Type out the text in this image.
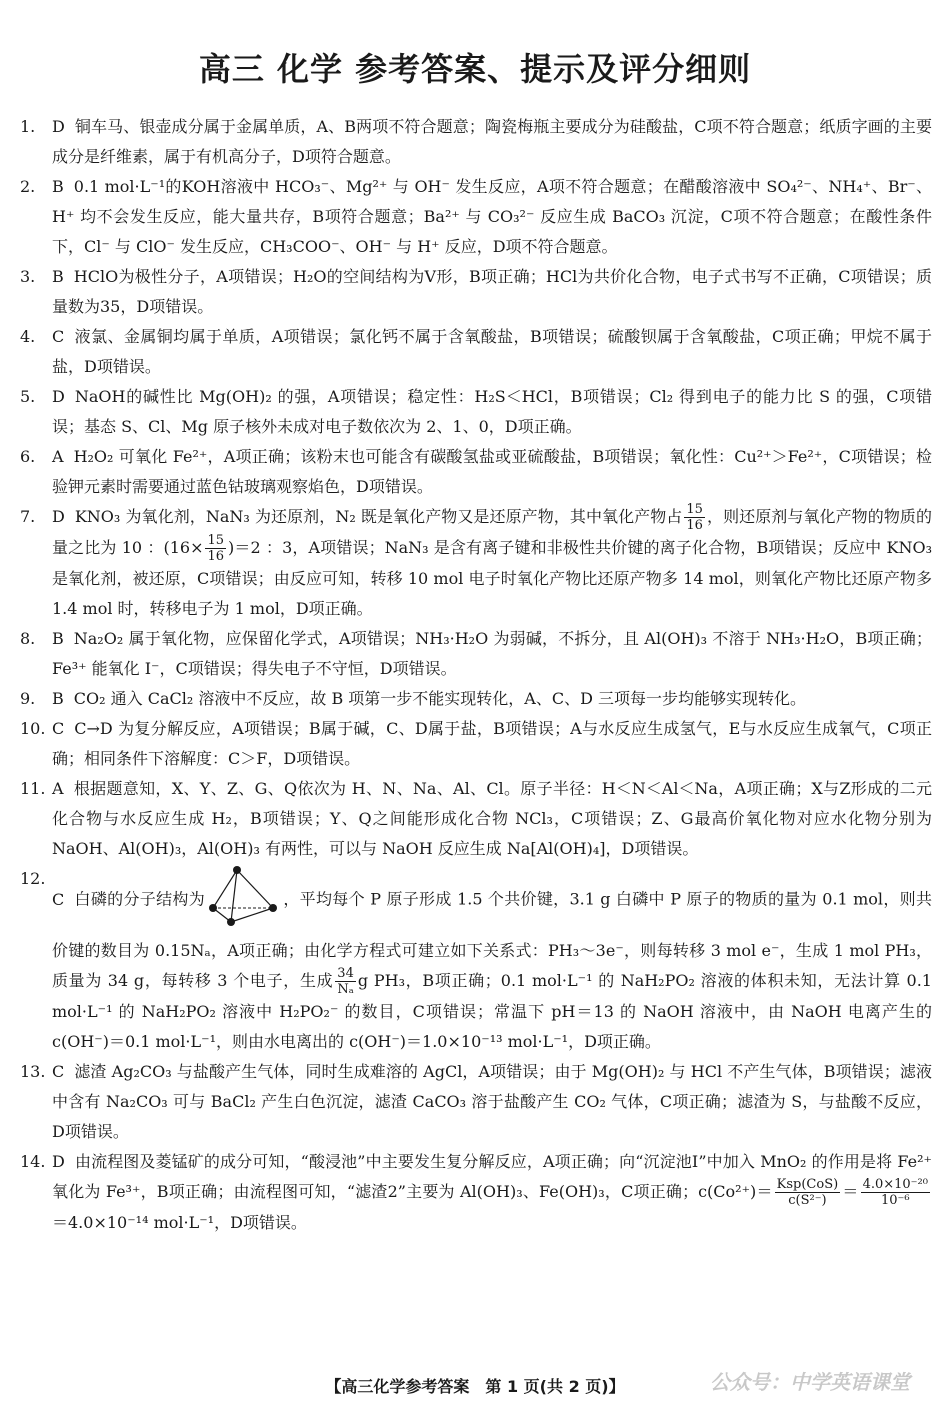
高三 化学 参考答案、提示及评分细则

1. D 铜车马、银壶成分属于金属单质，A、B两项不符合题意；陶瓷梅瓶主要成分为硅酸盐，C项不符合题意；纸质字画的主要成分是纤维素，属于有机高分子，D项符合题意。

2. B 0.1 mol·L⁻¹的KOH溶液中 HCO₃⁻、Mg²⁺ 与 OH⁻ 发生反应，A项不符合题意；在醋酸溶液中 SO₄²⁻、NH₄⁺、Br⁻、H⁺ 均不会发生反应，能大量共存，B项符合题意；Ba²⁺ 与 CO₃²⁻ 反应生成 BaCO₃ 沉淀，C项不符合题意；在酸性条件下，Cl⁻ 与 ClO⁻ 发生反应，CH₃COO⁻、OH⁻ 与 H⁺ 反应，D项不符合题意。

3. B HClO为极性分子，A项错误；H₂O的空间结构为V形，B项正确；HCl为共价化合物，电子式书写不正确，C项错误；质量数为35，D项错误。

4. C 液氯、金属铜均属于单质，A项错误；氯化钙不属于含氧酸盐，B项错误；硫酸钡属于含氧酸盐，C项正确；甲烷不属于盐，D项错误。

5. D NaOH的碱性比 Mg(OH)₂ 的强，A项错误；稳定性：H₂S＜HCl，B项错误；Cl₂ 得到电子的能力比 S 的强，C项错误；基态 S、Cl、Mg 原子核外未成对电子数依次为 2、1、0，D项正确。

6. A H₂O₂ 可氧化 Fe²⁺，A项正确；该粉末也可能含有碳酸氢盐或亚硫酸盐，B项错误；氧化性：Cu²⁺＞Fe²⁺，C项错误；检验钾元素时需要通过蓝色钴玻璃观察焰色，D项错误。

7. D KNO₃ 为氧化剂，NaN₃ 为还原剂，N₂ 既是氧化产物又是还原产物，其中氧化产物占 $\frac{15}{16}$ ，则还原剂与氧化产物的物质的量之比为 10 ：$(16\times \frac{15}{16} )=2$ ：3，A项错误；NaN₃ 是含有离子键和非极性共价键的离子化合物，B项错误；反应中 KNO₃ 是氧化剂，被还原，C项错误；由反应可知，转移 10 mol 电子时氧化产物比还原产物多 14 mol，则氧化产物比还原产物多 1.4 mol 时，转移电子为 1 mol，D项正确。

8. B Na₂O₂ 属于氧化物，应保留化学式，A项错误；NH₃·H₂O 为弱碱，不拆分，且 Al(OH)₃ 不溶于 NH₃·H₂O，B项正确；Fe³⁺ 能氧化 I⁻，C项错误；得失电子不守恒，D项错误。

9. B CO₂ 通入 CaCl₂ 溶液中不反应，故 B 项第一步不能实现转化，A、C、D 三项每一步均能够实现转化。

10. C C→D 为复分解反应，A项错误；B属于碱，C、D属于盐，B项错误；A与水反应生成氢气，E与水反应生成氧气，C项正确；相同条件下溶解度：C＞F，D项错误。

11. A 根据题意知，X、Y、Z、G、Q依次为 H、N、Na、Al、Cl。原子半径：H＜N＜Al＜Na，A项正确；X与Z形成的二元化合物与水反应生成 H₂，B项错误；Y、Q之间能形成化合物 NCl₃，C项错误；Z、G最高价氧化物对应水化物分别为 NaOH、Al(OH)₃，Al(OH)₃ 有两性，可以与 NaOH 反应生成 Na[Al(OH)₄]，D项错误。

12.
C 白磷的分子结构为	，平均每个 P 原子形成 1.5 个共价键，3.1 g 白磷中 P 原子的物质的量为 0.1 mol，则共价键的数目为 0.15Nₐ，A项正确；由化学方程式可建立如下关系式：PH₃～3e⁻，则每转移 3 mol e⁻，生成 1 mol PH₃，质量为 34 g，每转移 3 个电子，生成 $\frac{34}{\text{Nₐ}}$ g PH₃，B项正确；0.1 mol·L⁻¹ 的 NaH₂PO₂ 溶液的体积未知，无法计算 0.1 mol·L⁻¹ 的 NaH₂PO₂ 溶液中 H₂PO₂⁻ 的数目，C项错误；常温下 pH＝13 的 NaOH 溶液中，由 NaOH 电离产生的 c(OH⁻)＝0.1 mol·L⁻¹，则由水电离出的 c(OH⁻)＝1.0×10⁻¹³ mol·L⁻¹，D项正确。

13. C 滤渣 Ag₂CO₃ 与盐酸产生气体，同时生成难溶的 AgCl，A项错误；由于 Mg(OH)₂ 与 HCl 不产生气体，B项错误；滤液中含有 Na₂CO₃ 可与 BaCl₂ 产生白色沉淀，滤渣 CaCO₃ 溶于盐酸产生 CO₂ 气体，C项正确；滤渣为 S，与盐酸不反应，D项错误。

14. D 由流程图及菱锰矿的成分可知，“酸浸池”中主要发生复分解反应，A项正确；向“沉淀池Ⅰ”中加入 MnO₂ 的作用是将 Fe²⁺ 氧化为 Fe³⁺，B项正确；由流程图可知，“滤渣2”主要为 Al(OH)₃、Fe(OH)₃，C项正确；$c(Co^{2+})= \frac{\text{Ksp(CoS)}}{\text{c(S²⁻)}} = \frac{\text{4.0×10⁻²⁰}}{\text{10⁻⁶}}$
＝4.0×10⁻¹⁴ mol·L⁻¹，D项错误。

【高三化学参考答案　第 1 页(共 2 页)】	公众号：中学英语课堂
